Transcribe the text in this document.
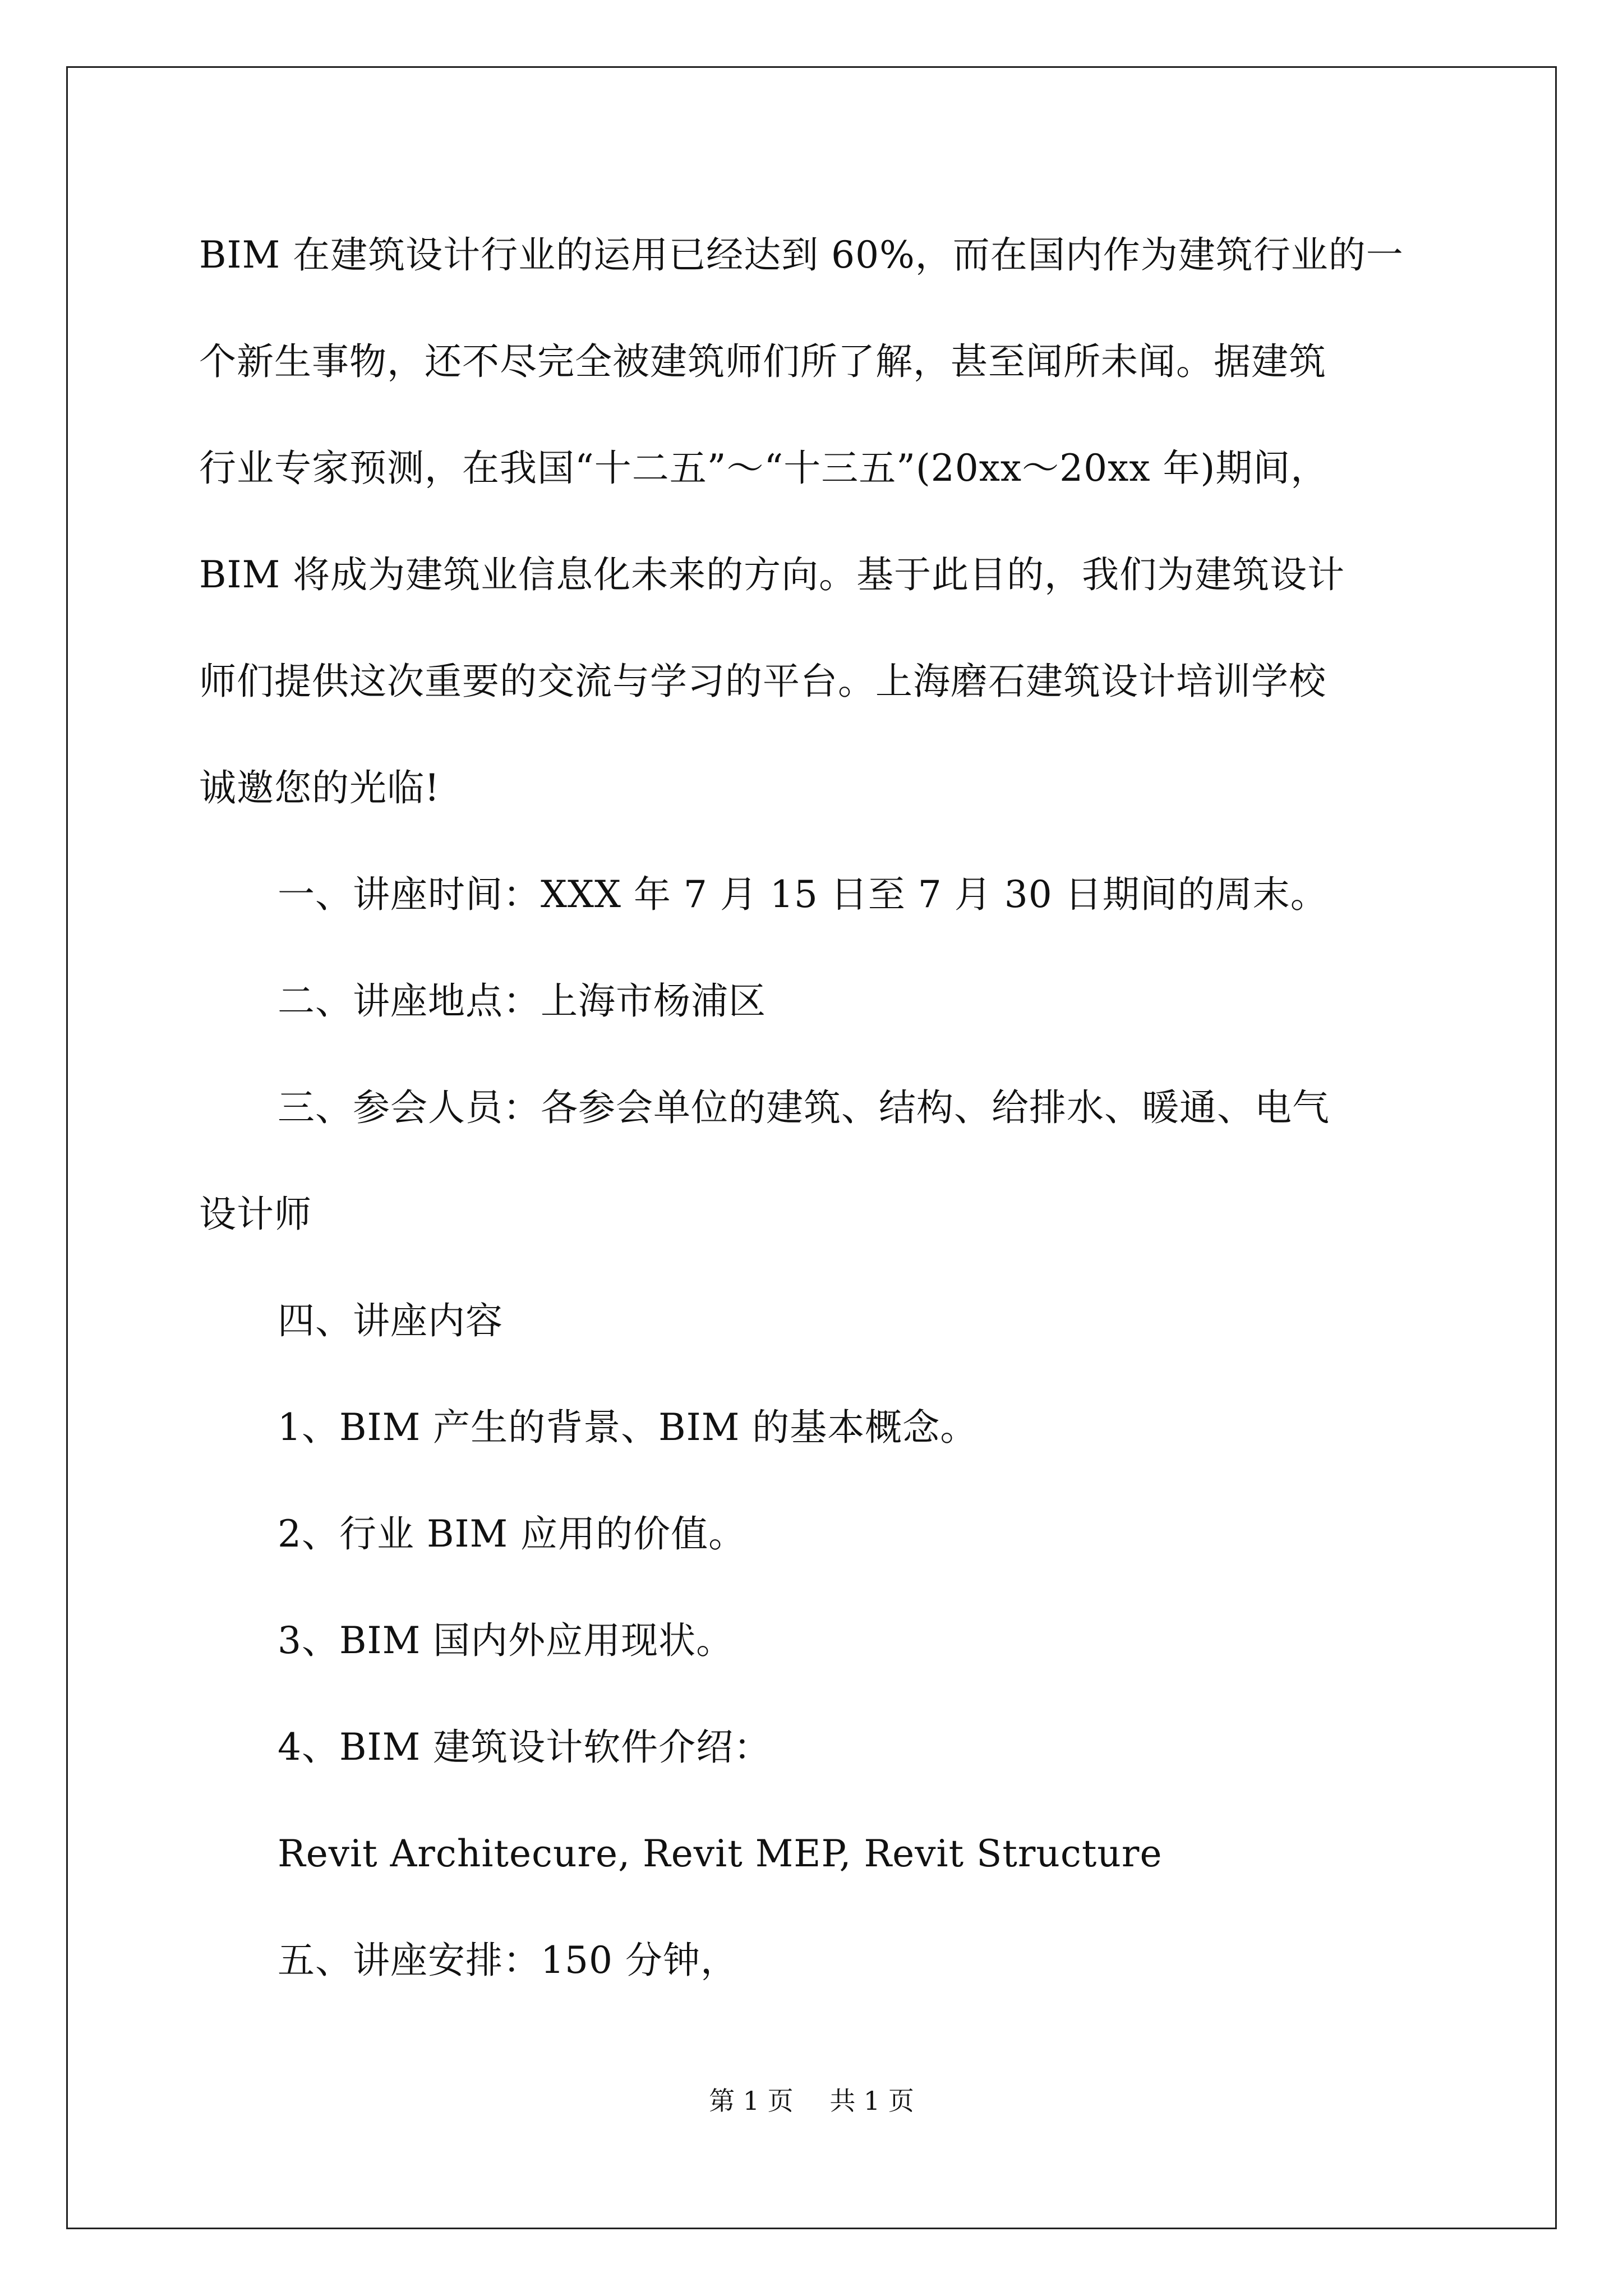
BIM 在建筑设计行业的运用已经达到 60%，而在国内作为建筑行业的一
个新生事物，还不尽完全被建筑师们所了解，甚至闻所未闻。据建筑
行业专家预测，在我国“十二五”～“十三五”(20xx～20xx 年)期间，
BIM 将成为建筑业信息化未来的方向。基于此目的，我们为建筑设计
师们提供这次重要的交流与学习的平台。上海磨石建筑设计培训学校
诚邀您的光临!
一、讲座时间：XXX 年 7 月 15 日至 7 月 30 日期间的周末。
二、讲座地点：上海市杨浦区
三、参会人员：各参会单位的建筑、结构、给排水、暖通、电气
设计师
四、讲座内容
1、BIM 产生的背景、BIM 的基本概念。
2、行业 BIM 应用的价值。
3、BIM 国内外应用现状。
4、BIM 建筑设计软件介绍：
Revit Architecure, Revit MEP, Revit Structure
五、讲座安排：150 分钟，
第 1 页 共 1 页
